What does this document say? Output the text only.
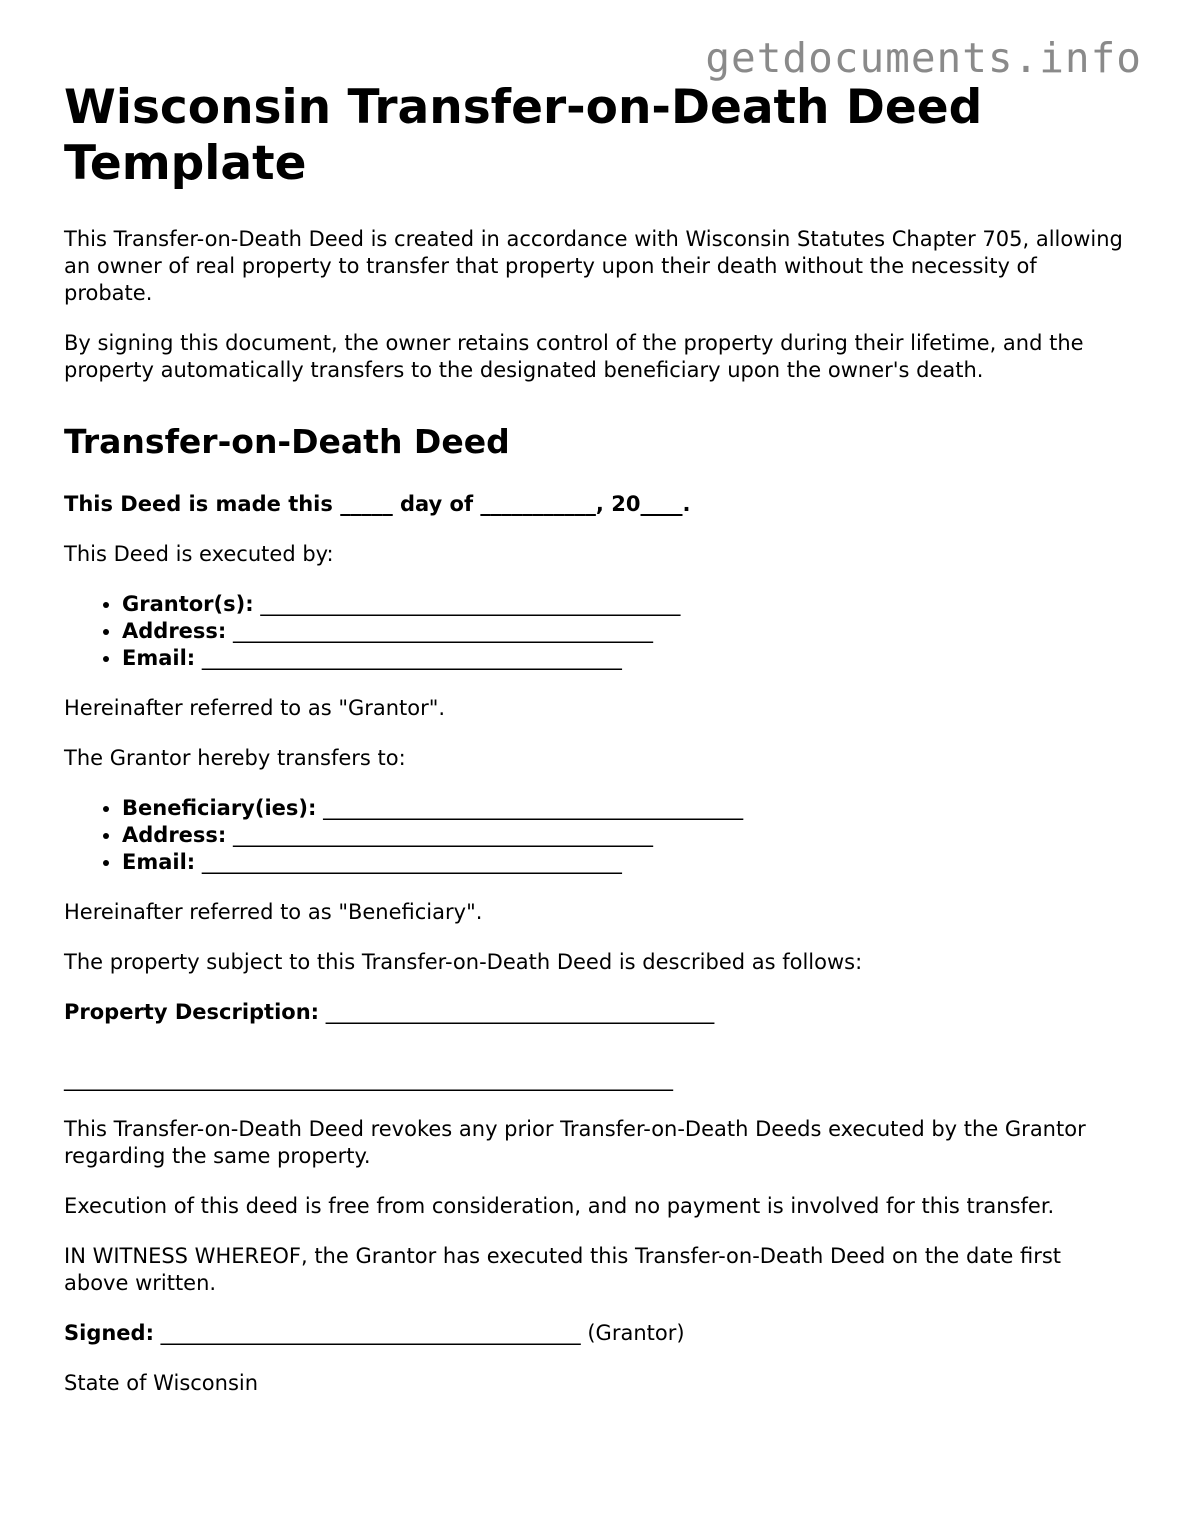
getdocuments.info
Wisconsin Transfer-on-Death Deed Template

This Transfer-on-Death Deed is created in accordance with Wisconsin Statutes Chapter 705, allowing an owner of real property to transfer that property upon their death without the necessity of probate.

By signing this document, the owner retains control of the property during their lifetime, and the property automatically transfers to the designated beneficiary upon the owner's death.

Transfer-on-Death Deed

This Deed is made this _____ day of ___________, 20____.

This Deed is executed by:

• Grantor(s): ________________________________________
• Address: ________________________________________
• Email: ________________________________________

Hereinafter referred to as "Grantor".

The Grantor hereby transfers to:

• Beneficiary(ies): ________________________________________
• Address: ________________________________________
• Email: ________________________________________

Hereinafter referred to as "Beneficiary".

The property subject to this Transfer-on-Death Deed is described as follows:

Property Description: _____________________________________

__________________________________________________________

This Transfer-on-Death Deed revokes any prior Transfer-on-Death Deeds executed by the Grantor regarding the same property.

Execution of this deed is free from consideration, and no payment is involved for this transfer.

IN WITNESS WHEREOF, the Grantor has executed this Transfer-on-Death Deed on the date first above written.

Signed: ________________________________________ (Grantor)

State of Wisconsin
